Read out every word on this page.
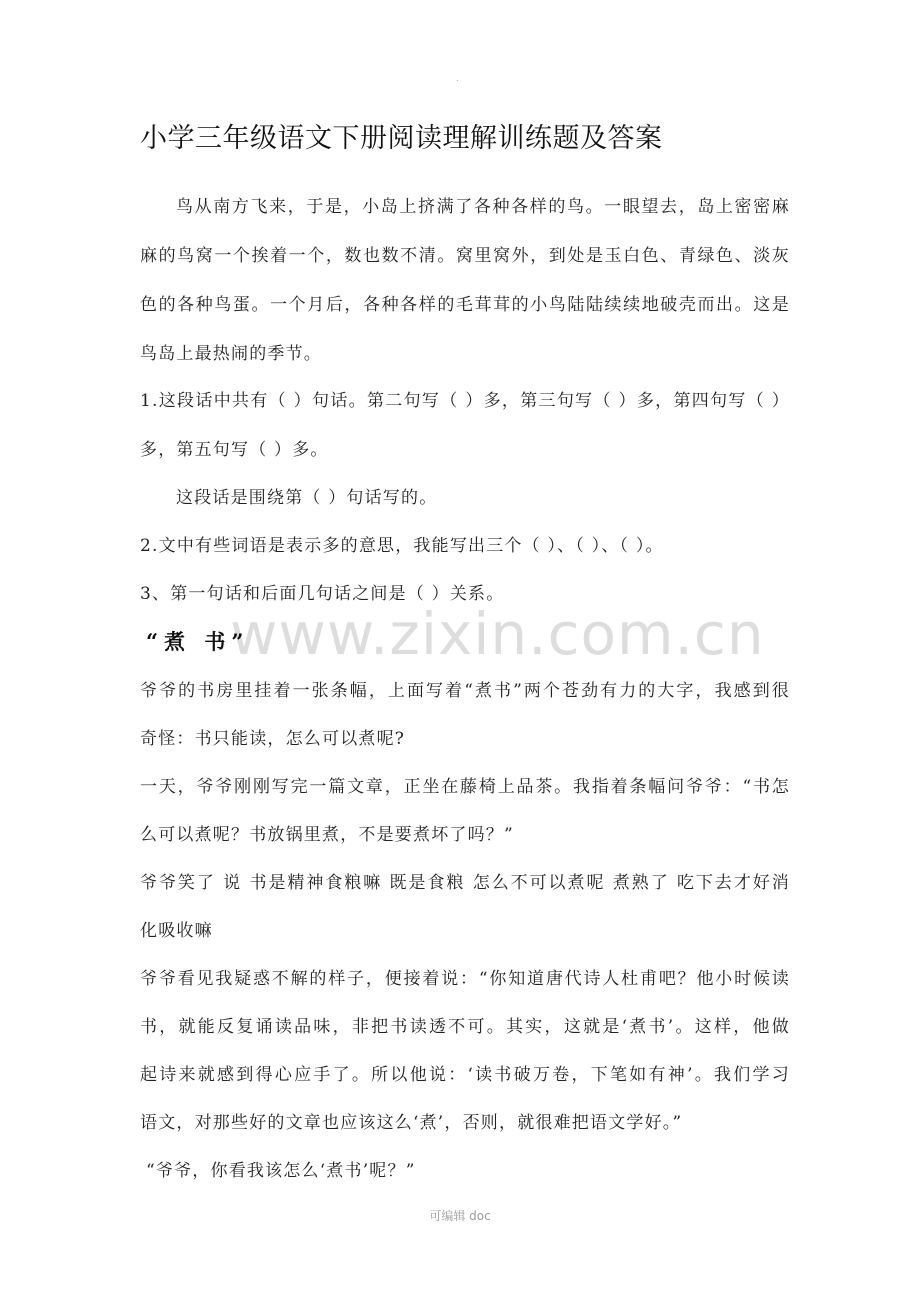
.
小学三年级语文下册阅读理解训练题及答案
鸟从南方飞来，于是，小岛上挤满了各种各样的鸟。一眼望去，岛上密密麻
麻的鸟窝一个挨着一个，数也数不清。窝里窝外，到处是玉白色、青绿色、淡灰
色的各种鸟蛋。一个月后，各种各样的毛茸茸的小鸟陆陆续续地破壳而出。这是
鸟岛上最热闹的季节。
1.这段话中共有（ ）句话。第二句写（ ）多，第三句写（ ）多，第四句写（ ）
多，第五句写（ ）多。
这段话是围绕第（ ）句话写的。
2.文中有些词语是表示多的意思，我能写出三个（ ）、（ ）、（ ）。
3、第一句话和后面几句话之间是（ ）关系。
www.zixin.com.cn
“煮 书”
爷爷的书房里挂着一张条幅，上面写着“煮书”两个苍劲有力的大字，我感到很
奇怪：书只能读，怎么可以煮呢?
一天，爷爷刚刚写完一篇文章，正坐在藤椅上品茶。我指着条幅问爷爷：“书怎
么可以煮呢？书放锅里煮，不是要煮坏了吗？”
爷爷笑了 说 书是精神食粮嘛 既是食粮 怎么不可以煮呢 煮熟了 吃下去才好消
化吸收嘛
爷爷看见我疑惑不解的样子，便接着说：“你知道唐代诗人杜甫吧？他小时候读
书，就能反复诵读品味，非把书读透不可。其实，这就是‘煮书’。这样，他做
起诗来就感到得心应手了。所以他说：‘读书破万卷，下笔如有神’。我们学习
语文，对那些好的文章也应该这么‘煮’，否则，就很难把语文学好。”
“爷爷，你看我该怎么‘煮书’呢？”
可编辑 doc
